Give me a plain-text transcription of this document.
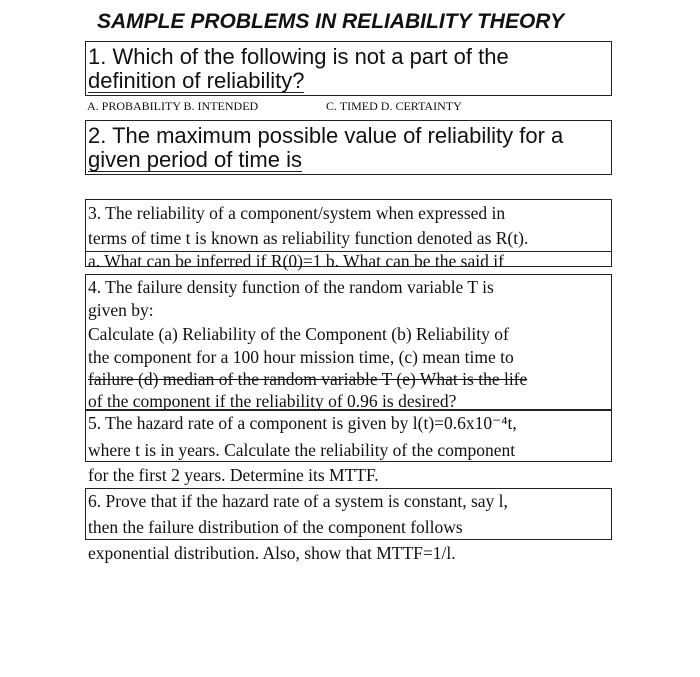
SAMPLE PROBLEMS IN RELIABILITY THEORY
1. Which of the following is not a part of the
definition of reliability?
A. PROBABILITY B. INTENDED	C. TIMED D. CERTAINTY
2. The maximum possible value of reliability for a
given period of time is
3. The reliability of a component/system when expressed in
terms of time t is known as reliability function denoted as R(t).
a. What can be inferred if R(0)=1 b. What can be the said if
4. The failure density function of the random variable T is
given by:
Calculate (a) Reliability of the Component (b) Reliability of
the component for a 100 hour mission time, (c) mean time to
failure (d) median of the random variable T (e) What is the life
of the component if the reliability of 0.96 is desired?
5. The hazard rate of a component is given by l(t)=0.6x10⁻⁴t,
where t is in years. Calculate the reliability of the component
for the first 2 years. Determine its MTTF.
6. Prove that if the hazard rate of a system is constant, say l,
then the failure distribution of the component follows
exponential distribution. Also, show that MTTF=1/l.
